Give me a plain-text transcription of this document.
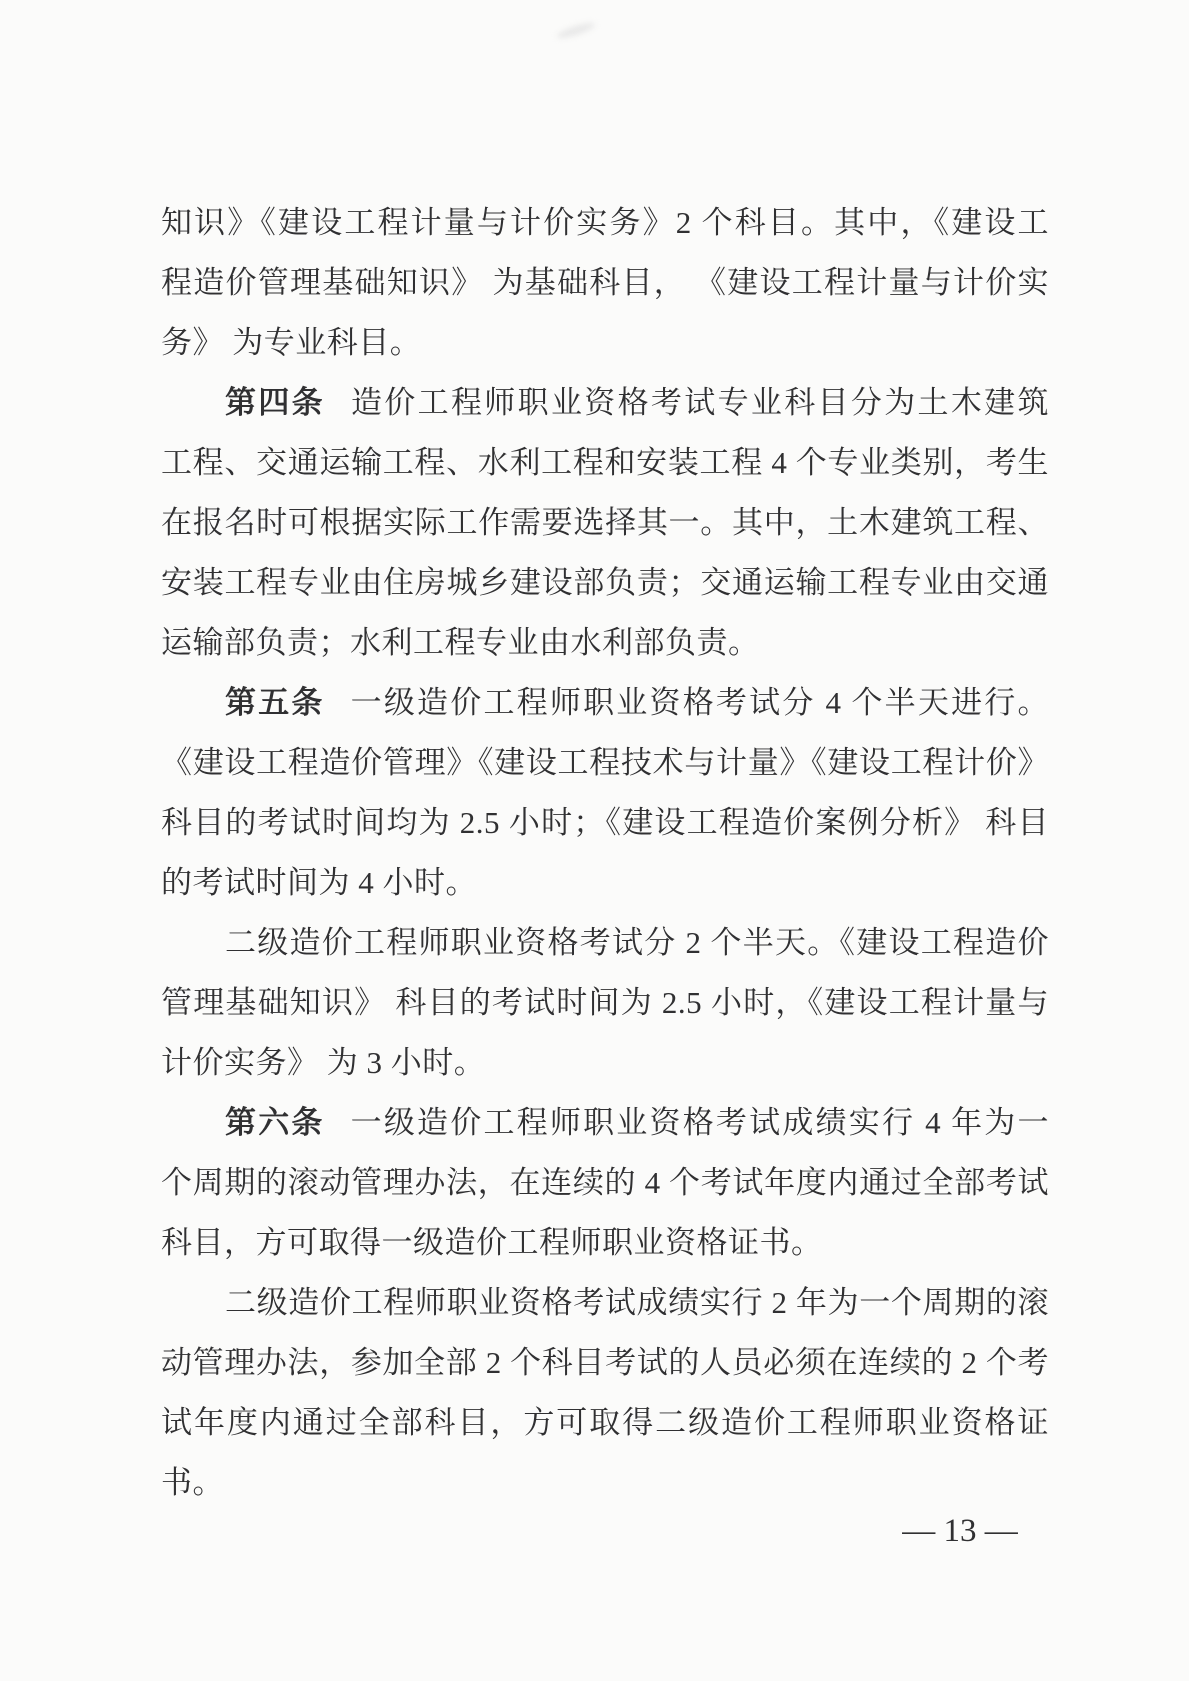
知识》《建设工程计量与计价实务》2 个科目。其中，《建设工
程造价管理基础知识》 为基础科目， 《建设工程计量与计价实
务》 为专业科目。
第四条 造价工程师职业资格考试专业科目分为土木建筑
工程、交通运输工程、水利工程和安装工程 4 个专业类别，考生
在报名时可根据实际工作需要选择其一。其中，土木建筑工程、
安装工程专业由住房城乡建设部负责；交通运输工程专业由交通
运输部负责；水利工程专业由水利部负责。
第五条 一级造价工程师职业资格考试分 4 个半天进行。
《建设工程造价管理》《建设工程技术与计量》《建设工程计价》
科目的考试时间均为 2.5 小时；《建设工程造价案例分析》 科目
的考试时间为 4 小时。
二级造价工程师职业资格考试分 2 个半天。《建设工程造价
管理基础知识》 科目的考试时间为 2.5 小时，《建设工程计量与
计价实务》 为 3 小时。
第六条 一级造价工程师职业资格考试成绩实行 4 年为一
个周期的滚动管理办法，在连续的 4 个考试年度内通过全部考试
科目，方可取得一级造价工程师职业资格证书。
二级造价工程师职业资格考试成绩实行 2 年为一个周期的滚
动管理办法，参加全部 2 个科目考试的人员必须在连续的 2 个考
试年度内通过全部科目，方可取得二级造价工程师职业资格证
书。
— 13 —
